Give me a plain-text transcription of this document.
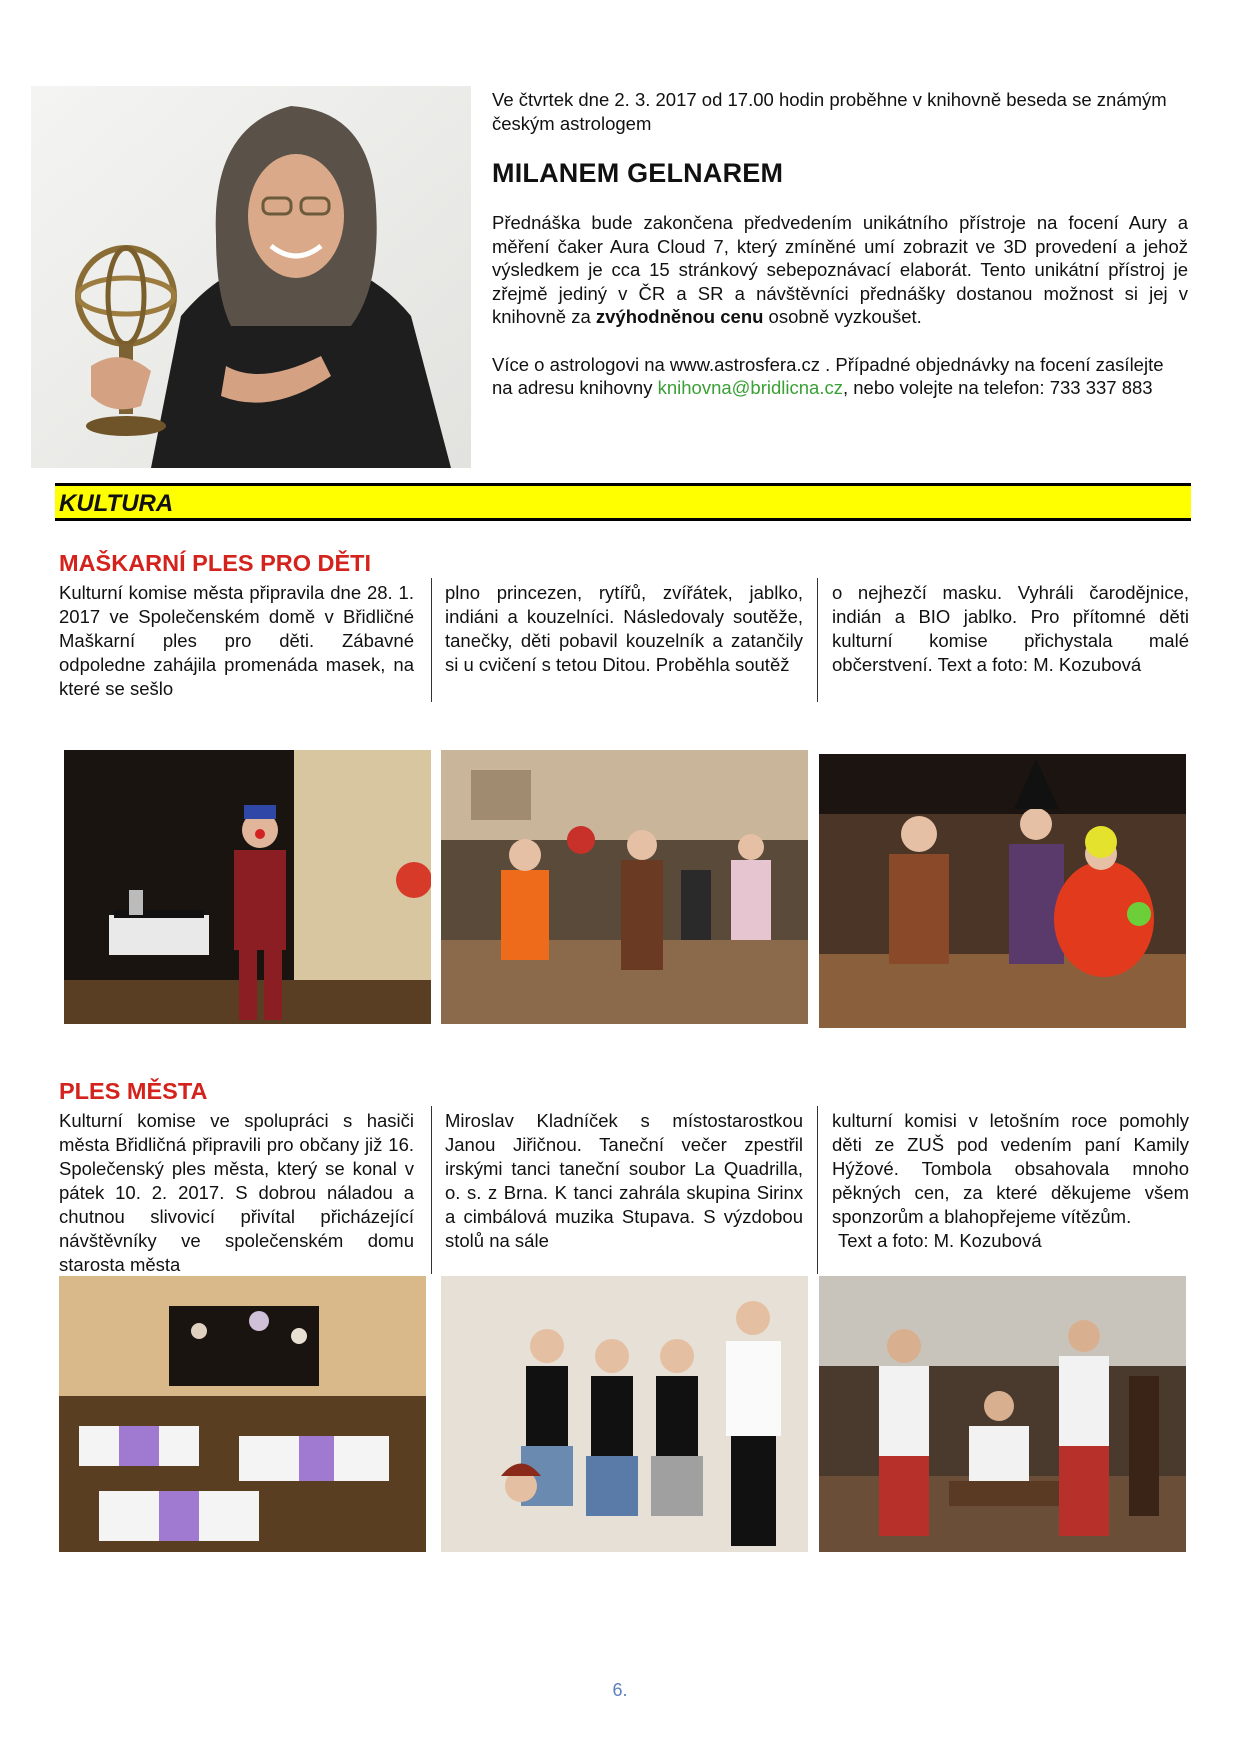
Ve čtvrtek dne 2. 3. 2017 od 17.00 hodin proběhne v knihovně beseda se známým českým astrologem

MILANEM GELNAREM

Přednáška bude zakončena předvedením unikátního přístroje na focení Aury a měření čaker Aura Cloud 7, který zmíněné umí zobrazit ve 3D provedení a jehož výsledkem je cca 15 stránkový sebepoznávací elaborát. Tento unikátní přístroj je zřejmě jediný v ČR a SR a návštěvníci přednášky dostanou možnost si jej v knihovně za zvýhodněnou cenu osobně vyzkoušet.

Více o astrologovi na www.astrosfera.cz . Případné objednávky na focení zasílejte na adresu knihovny knihovna@bridlicna.cz, nebo volejte na telefon: 733 337 883

KULTURA
MAŠKARNÍ PLES PRO DĚTI

Kulturní komise města připravila dne 28. 1. 2017 ve Společenském domě v Břidličné Maškarní ples pro děti. Zábavné odpoledne zahájila promenáda masek, na které se sešlo

plno princezen, rytířů, zvířátek, jablko, indiáni a kouzelníci. Následovaly soutěže, tanečky, děti pobavil kouzelník a zatančily si u cvičení s tetou Ditou. Proběhla soutěž

o nejhezčí masku. Vyhráli čarodějnice, indián a BIO jablko. Pro přítomné děti kulturní komise přichystala malé občerstvení. Text a foto: M. Kozubová

PLES MĚSTA

Kulturní komise ve spolupráci s hasiči města Břidličná připravili pro občany již 16. Společenský ples města, který se konal v pátek 10. 2. 2017. S dobrou náladou a chutnou slivovicí přivítal přicházející návštěvníky ve společenském domu starosta města

Miroslav Kladníček s místostarostkou Janou Jiřičnou. Taneční večer zpestřil irskými tanci taneční soubor La Quadrilla, o. s. z Brna. K tanci zahrála skupina Sirinx a cimbálová muzika Stupava. S výzdobou stolů na sále

kulturní komisi v letošním roce pomohly děti ze ZUŠ pod vedením paní Kamily Hýžové. Tombola obsahovala mnoho pěkných cen, za které děkujeme všem sponzorům a blahopřejeme vítězům.

Text a foto: M. Kozubová

6.
